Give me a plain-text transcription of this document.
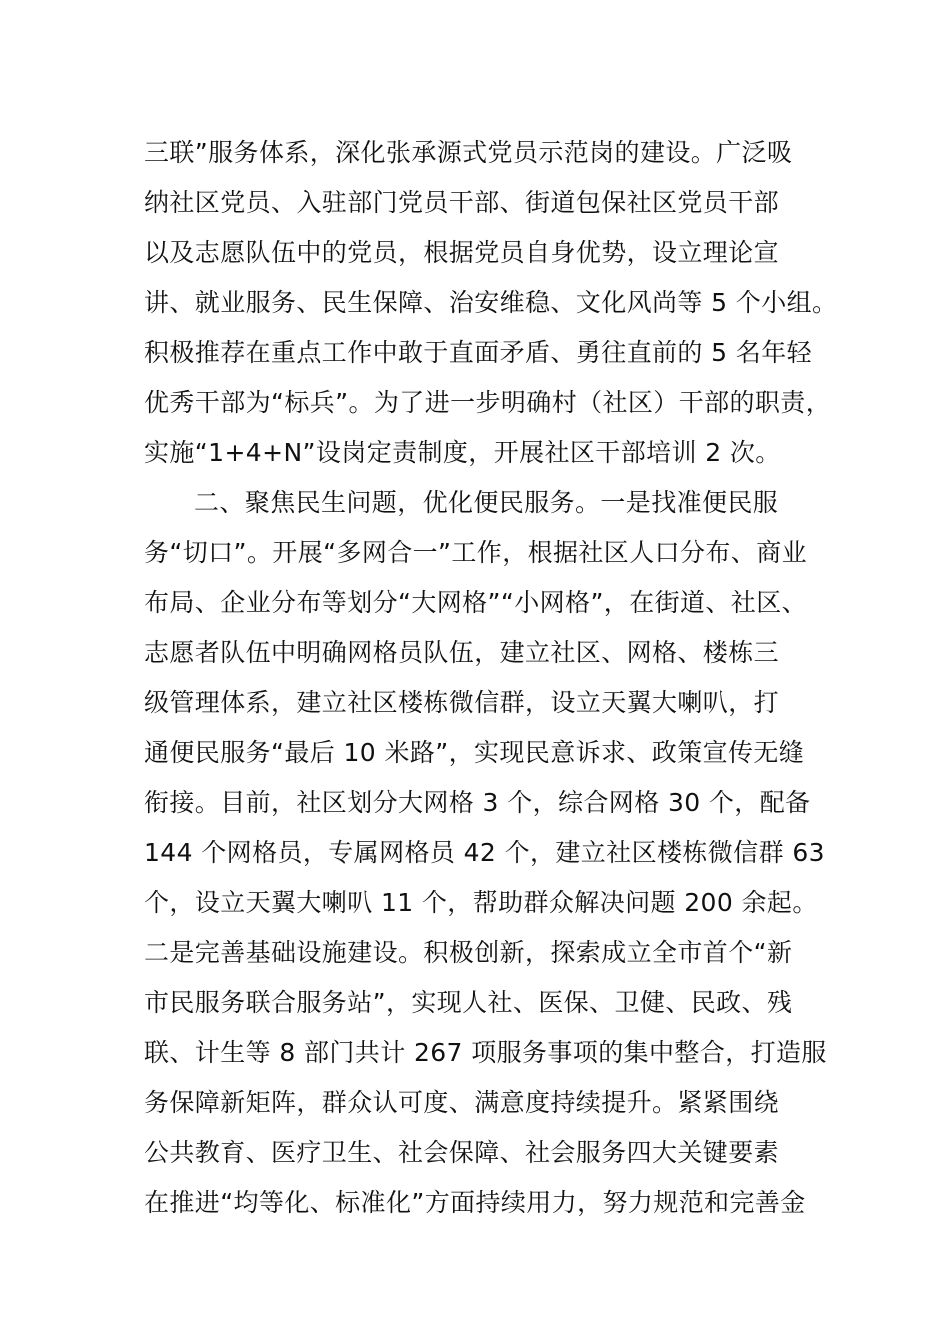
三联”服务体系，深化张承源式党员示范岗的建设。广泛吸
纳社区党员、入驻部门党员干部、街道包保社区党员干部
以及志愿队伍中的党员，根据党员自身优势，设立理论宣
讲、就业服务、民生保障、治安维稳、文化风尚等 5 个小组。
积极推荐在重点工作中敢于直面矛盾、勇往直前的 5 名年轻
优秀干部为“标兵”。为了进一步明确村（社区）干部的职责，
实施“1+4+N”设岗定责制度，开展社区干部培训 2 次。
二、聚焦民生问题，优化便民服务。一是找准便民服
务“切口”。开展“多网合一”工作，根据社区人口分布、商业
布局、企业分布等划分“大网格”“小网格”，在街道、社区、
志愿者队伍中明确网格员队伍，建立社区、网格、楼栋三
级管理体系，建立社区楼栋微信群，设立天翼大喇叭，打
通便民服务“最后 10 米路”，实现民意诉求、政策宣传无缝
衔接。目前，社区划分大网格 3 个，综合网格 30 个，配备
144 个网格员，专属网格员 42 个，建立社区楼栋微信群 63
个，设立天翼大喇叭 11 个，帮助群众解决问题 200 余起。
二是完善基础设施建设。积极创新，探索成立全市首个“新
市民服务联合服务站”，实现人社、医保、卫健、民政、残
联、计生等 8 部门共计 267 项服务事项的集中整合，打造服
务保障新矩阵，群众认可度、满意度持续提升。紧紧围绕
公共教育、医疗卫生、社会保障、社会服务四大关键要素
在推进“均等化、标准化”方面持续用力，努力规范和完善金
